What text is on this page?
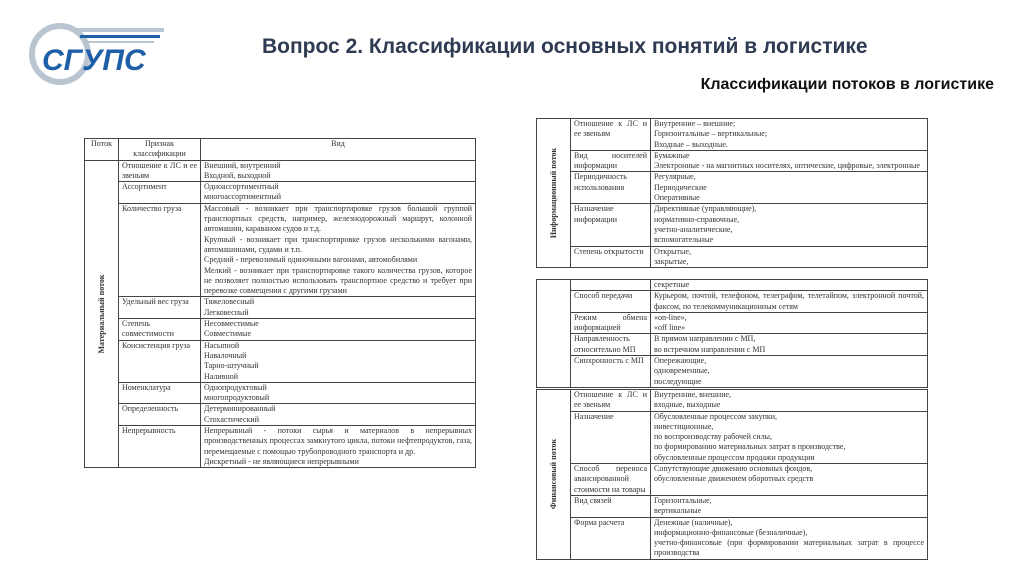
СГУПС	Вопрос 2. Классификации основных понятий в логистике
Классификации потоков в логистике
Поток	Признак классификации	Вид

Материальный поток	Отношение к ЛС и ее звеньям	Внешний, внутренний
Входной, выходной

	Ассортимент	Одноассортиментный
многоассортиментный

	Количество груза	Массовый - возникает при транспортировке грузов большой группой транспортных средств, например, железнодорожный маршрут, колонной автомашин, караваном судов и т.д.
Крупный - возникает при транспортировке грузов несколькими вагонами, автомашинами, судами и т.п.
Средний - перевозимый одиночными вагонами, автомобилями
Мелкий - возникает при транспортировке такого количества грузов, которое не позволяет полностью использовать транспортное средство и требует при перевозке совмещения с другими грузами

	Удельный вес груза	Тяжеловесный
Легковесный

	Степень совместимости	Несовместимые
Совместимые

	Консистенция груза	Насыпной
Навалочный
Тарно-штучный
Наливной

	Номенклатура	Однопродуктовый
многопродуктовый

	Определенность	Детерминированный
Стохастический

	Непрерывность	Непрерывный - потоки сырья и материалов в непрерывных производственных процессах замкнутого цикла, потоки нефтепродуктов, газа, перемещаемые с помощью трубопроводного транспорта и др.
Дискретный - не являющиеся непрерывными
Информационный поток	Отношение к ЛС и ее звеньям	Внутренние – внешние;
Горизонтальные – вертикальные;
Входные – выходные.

	Вид носителей информации	Бумажные
Электронные - на магнитных носителях, оптические, цифровые, электронные

	Периодичность использования	Регулярные,
Периодические
Оперативные

	Назначение информации	Директивные (управляющие),
нормативно-справочные,
учетно-аналитические,
вспомогательные

	Степень открытости	Открытые,
закрытые,

		секретные

	Способ передачи	Курьером, почтой, телефоном, телеграфом, телетайпом, электронной почтой, факсом, по телекоммуникационным сетям

	Режим обмена информацией	«on-line»,
«off line»

	Направленность относительно МП	В прямом направлении с МП,
во встречном направлении с МП

	Синхронность с МП	Опережающие,
одновременные,
последующие
Финансовый поток	Отношение к ЛС и ее звеньям	Внутренние, внешние,
входные, выходные

	Назначение	Обусловленные процессом закупки,
инвестиционные,
по воспроизводству рабочей силы,
по формированию материальных затрат в производстве,
обусловленные процессом продажи продукции

	Способ переноса авансированной стоимости на товары	Сопутствующие движению основных фондов,
обусловленные движением оборотных средств

	Вид связей	Горизонтальные,
вертикальные

	Форма расчета	Денежные (наличные),
информационно-финансовые (безналичные),
учетно-финансовые (при формировании материальных затрат в процессе производства
